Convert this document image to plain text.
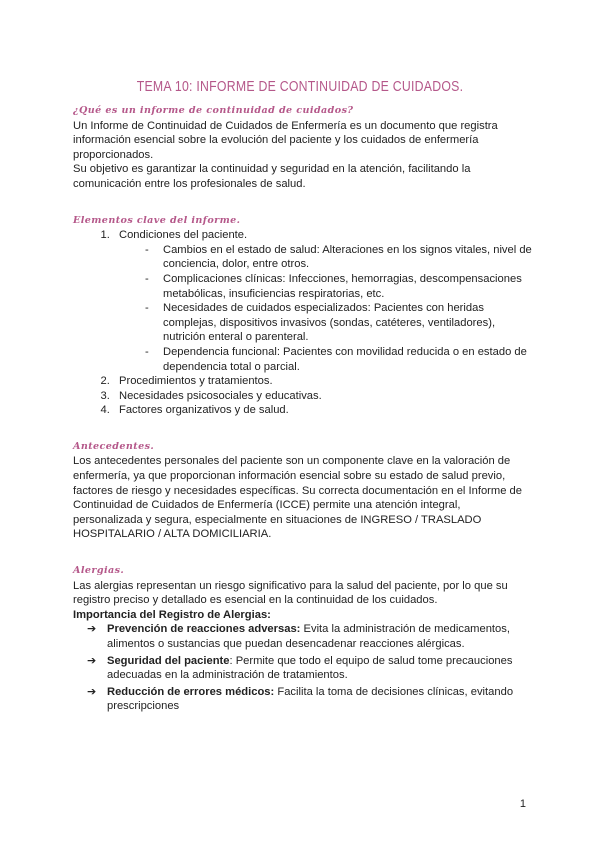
TEMA 10: INFORME DE CONTINUIDAD DE CUIDADOS.

¿Qué es un informe de continuidad de cuidados?

Un Informe de Continuidad de Cuidados de Enfermería es un documento que registra información esencial sobre la evolución del paciente y los cuidados de enfermería proporcionados.

Su objetivo es garantizar la continuidad y seguridad en la atención, facilitando la comunicación entre los profesionales de salud.

Elementos clave del informe.

1. Condiciones del paciente.
- Cambios en el estado de salud: Alteraciones en los signos vitales, nivel de conciencia, dolor, entre otros.
- Complicaciones clínicas: Infecciones, hemorragias, descompensaciones metabólicas, insuficiencias respiratorias, etc.
- Necesidades de cuidados especializados: Pacientes con heridas complejas, dispositivos invasivos (sondas, catéteres, ventiladores), nutrición enteral o parenteral.
- Dependencia funcional: Pacientes con movilidad reducida o en estado de dependencia total o parcial.
2. Procedimientos y tratamientos.
3. Necesidades psicosociales y educativas.
4. Factores organizativos y de salud.

Antecedentes.

Los antecedentes personales del paciente son un componente clave en la valoración de enfermería, ya que proporcionan información esencial sobre su estado de salud previo, factores de riesgo y necesidades específicas. Su correcta documentación en el Informe de Continuidad de Cuidados de Enfermería (ICCE) permite una atención integral, personalizada y segura, especialmente en situaciones de INGRESO / TRASLADO HOSPITALARIO / ALTA DOMICILIARIA.

Alergias.

Las alergias representan un riesgo significativo para la salud del paciente, por lo que su registro preciso y detallado es esencial en la continuidad de los cuidados.

Importancia del Registro de Alergias:

➔ Prevención de reacciones adversas: Evita la administración de medicamentos, alimentos o sustancias que puedan desencadenar reacciones alérgicas.
➔ Seguridad del paciente: Permite que todo el equipo de salud tome precauciones adecuadas en la administración de tratamientos.
➔ Reducción de errores médicos: Facilita la toma de decisiones clínicas, evitando prescripciones
1
